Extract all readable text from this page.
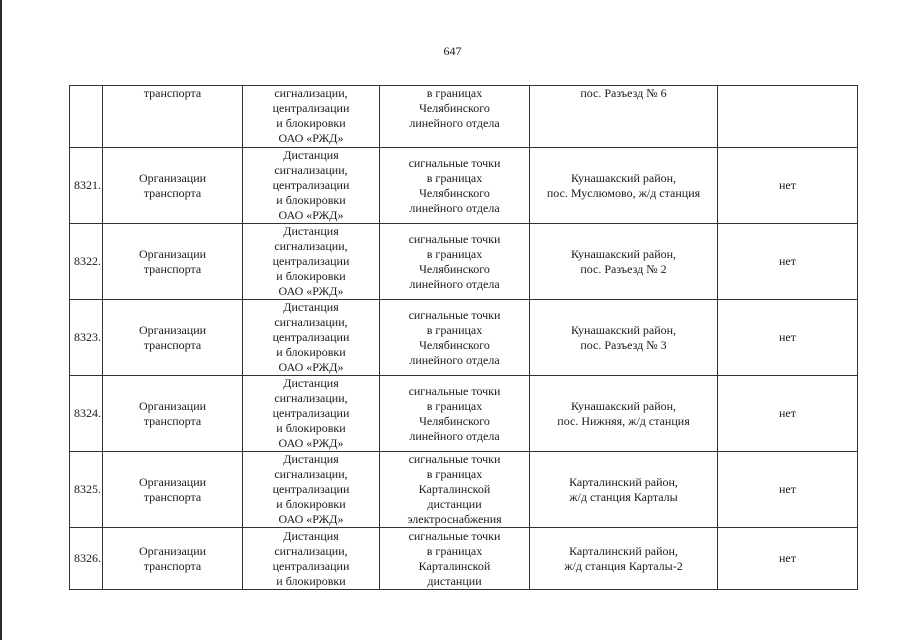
647

	транспорта	сигнализации,
централизации
и блокировки
ОАО «РЖД»	в границах
Челябинского
линейного отдела	пос. Разъезд № 6	

8321.	Организации
транспорта	Дистанция
сигнализации,
централизации
и блокировки
ОАО «РЖД»	сигнальные точки
в границах
Челябинского
линейного отдела	Кунашакский район,
пос. Муслюмово, ж/д станция	нет
8322.	Организации
транспорта	Дистанция
сигнализации,
централизации
и блокировки
ОАО «РЖД»	сигнальные точки
в границах
Челябинского
линейного отдела	Кунашакский район,
пос. Разъезд № 2	нет
8323.	Организации
транспорта	Дистанция
сигнализации,
централизации
и блокировки
ОАО «РЖД»	сигнальные точки
в границах
Челябинского
линейного отдела	Кунашакский район,
пос. Разъезд № 3	нет
8324.	Организации
транспорта	Дистанция
сигнализации,
централизации
и блокировки
ОАО «РЖД»	сигнальные точки
в границах
Челябинского
линейного отдела	Кунашакский район,
пос. Нижняя, ж/д станция	нет
8325.	Организации
транспорта	Дистанция
сигнализации,
централизации
и блокировки
ОАО «РЖД»	сигнальные точки
в границах
Карталинской
дистанции
электроснабжения	Карталинский район,
ж/д станция Карталы	нет
8326.	Организации
транспорта	Дистанция
сигнализации,
централизации
и блокировки	сигнальные точки
в границах
Карталинской
дистанции	Карталинский район,
ж/д станция Карталы-2	нет
